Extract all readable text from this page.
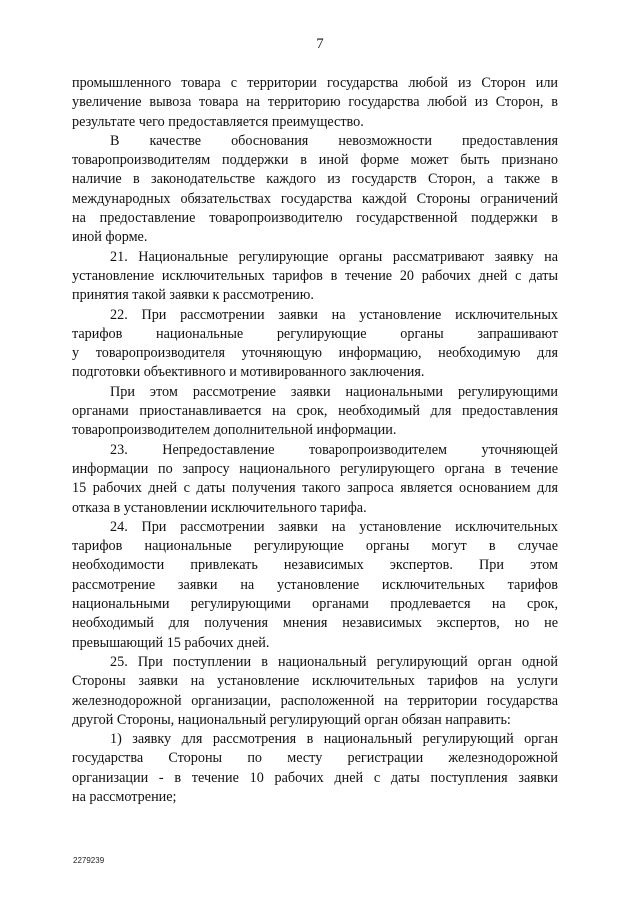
7
промышленного товара с территории государства любой из Сторон или
увеличение вывоза товара на территорию государства любой из Сторон, в
результате чего предоставляется преимущество.
В качестве обоснования невозможности предоставления
товаропроизводителям поддержки в иной форме может быть признано
наличие в законодательстве каждого из государств Сторон, а также в
международных обязательствах государства каждой Стороны ограничений
на предоставление товаропроизводителю государственной поддержки в
иной форме.
21. Национальные регулирующие органы рассматривают заявку на
установление исключительных тарифов в течение 20 рабочих дней с даты
принятия такой заявки к рассмотрению.
22. При рассмотрении заявки на установление исключительных
тарифов национальные регулирующие органы запрашивают
у товаропроизводителя уточняющую информацию, необходимую для
подготовки объективного и мотивированного заключения.
При этом рассмотрение заявки национальными регулирующими
органами приостанавливается на срок, необходимый для предоставления
товаропроизводителем дополнительной информации.
23. Непредоставление товаропроизводителем уточняющей
информации по запросу национального регулирующего органа в течение
15 рабочих дней с даты получения такого запроса является основанием для
отказа в установлении исключительного тарифа.
24. При рассмотрении заявки на установление исключительных
тарифов национальные регулирующие органы могут в случае
необходимости привлекать независимых экспертов. При этом
рассмотрение заявки на установление исключительных тарифов
национальными регулирующими органами продлевается на срок,
необходимый для получения мнения независимых экспертов, но не
превышающий 15 рабочих дней.
25. При поступлении в национальный регулирующий орган одной
Стороны заявки на установление исключительных тарифов на услуги
железнодорожной организации, расположенной на территории государства
другой Стороны, национальный регулирующий орган обязан направить:
1) заявку для рассмотрения в национальный регулирующий орган
государства Стороны по месту регистрации железнодорожной
организации - в течение 10 рабочих дней с даты поступления заявки
на рассмотрение;
2279239
